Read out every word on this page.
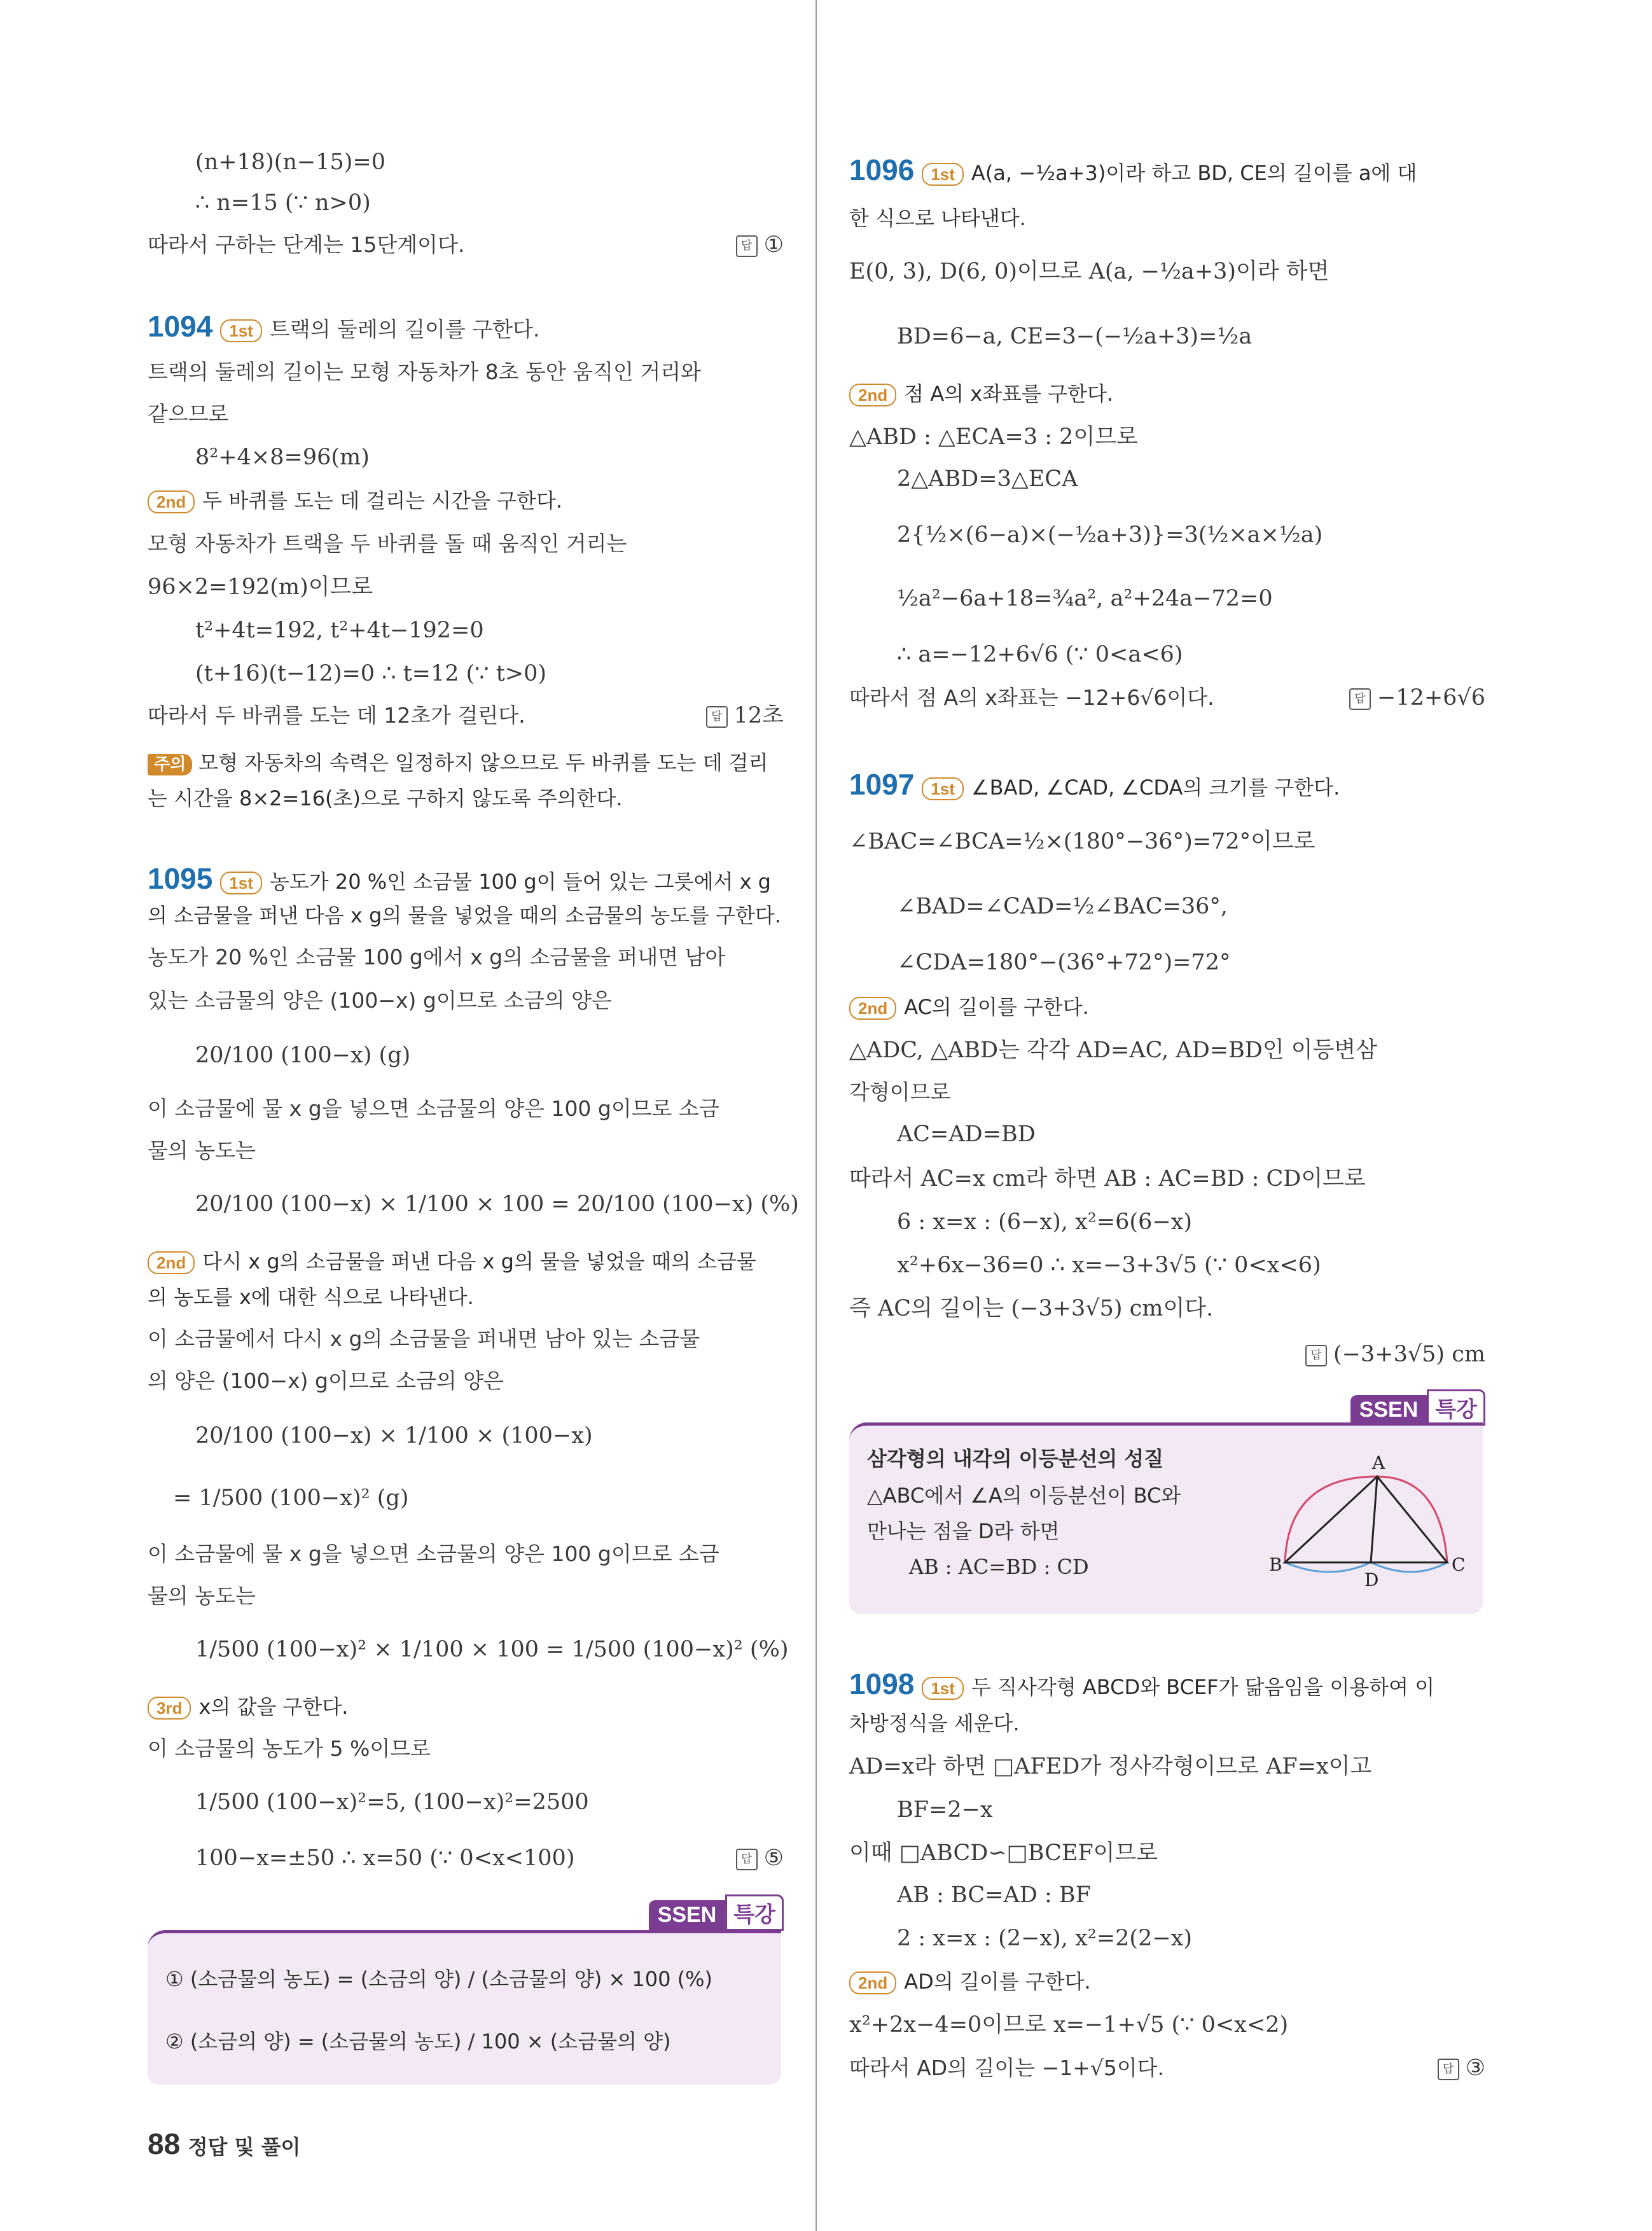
(n+18)(n−15)=0
∴ n=15 (∵ n>0)
따라서 구하는 단계는 15단계이다.	답 ①
1094 1st 트랙의 둘레의 길이를 구한다.
트랙의 둘레의 길이는 모형 자동차가 8초 동안 움직인 거리와
같으므로
8²+4×8=96(m)
2nd 두 바퀴를 도는 데 걸리는 시간을 구한다.
모형 자동차가 트랙을 두 바퀴를 돌 때 움직인 거리는
96×2=192(m)이므로
t²+4t=192, t²+4t−192=0
(t+16)(t−12)=0 ∴ t=12 (∵ t>0)
따라서 두 바퀴를 도는 데 12초가 걸린다.	답 12초
주의 모형 자동차의 속력은 일정하지 않으므로 두 바퀴를 도는 데 걸리
는 시간을 8×2=16(초)으로 구하지 않도록 주의한다.
1095 1st 농도가 20 %인 소금물 100 g이 들어 있는 그릇에서 x g
의 소금물을 퍼낸 다음 x g의 물을 넣었을 때의 소금물의 농도를 구한다.
농도가 20 %인 소금물 100 g에서 x g의 소금물을 퍼내면 남아
있는 소금물의 양은 (100−x) g이므로 소금의 양은
20/100 (100−x) (g)
이 소금물에 물 x g을 넣으면 소금물의 양은 100 g이므로 소금
물의 농도는
20/100 (100−x) × 1/100 × 100 = 20/100 (100−x) (%)
2nd 다시 x g의 소금물을 퍼낸 다음 x g의 물을 넣었을 때의 소금물
의 농도를 x에 대한 식으로 나타낸다.
이 소금물에서 다시 x g의 소금물을 퍼내면 남아 있는 소금물
의 양은 (100−x) g이므로 소금의 양은
20/100 (100−x) × 1/100 × (100−x)
= 1/500 (100−x)² (g)
이 소금물에 물 x g을 넣으면 소금물의 양은 100 g이므로 소금
물의 농도는
1/500 (100−x)² × 1/100 × 100 = 1/500 (100−x)² (%)
3rd x의 값을 구한다.
이 소금물의 농도가 5 %이므로
1/500 (100−x)²=5, (100−x)²=2500
100−x=±50 ∴ x=50 (∵ 0<x<100)	답 ⑤
SSEN 특강
① (소금물의 농도) = (소금의 양) / (소금물의 양) × 100 (%)
② (소금의 양) = (소금물의 농도) / 100 × (소금물의 양)
1096 1st A(a, −½a+3)이라 하고 BD, CE의 길이를 a에 대
한 식으로 나타낸다.
E(0, 3), D(6, 0)이므로 A(a, −½a+3)이라 하면
BD=6−a, CE=3−(−½a+3)=½a
2nd 점 A의 x좌표를 구한다.
△ABD : △ECA=3 : 2이므로
2△ABD=3△ECA
2{½×(6−a)×(−½a+3)}=3(½×a×½a)
½a²−6a+18=¾a², a²+24a−72=0
∴ a=−12+6√6 (∵ 0<a<6)
따라서 점 A의 x좌표는 −12+6√6이다.	답 −12+6√6
1097 1st ∠BAD, ∠CAD, ∠CDA의 크기를 구한다.
∠BAC=∠BCA=½×(180°−36°)=72°이므로
∠BAD=∠CAD=½∠BAC=36°,
∠CDA=180°−(36°+72°)=72°
2nd AC의 길이를 구한다.
△ADC, △ABD는 각각 AD=AC, AD=BD인 이등변삼
각형이므로
AC=AD=BD
따라서 AC=x cm라 하면 AB : AC=BD : CD이므로
6 : x=x : (6−x), x²=6(6−x)
x²+6x−36=0 ∴ x=−3+3√5 (∵ 0<x<6)
즉 AC의 길이는 (−3+3√5) cm이다.
답 (−3+3√5) cm
SSEN 특강
삼각형의 내각의 이등분선의 성질
△ABC에서 ∠A의 이등분선이 BC와
만나는 점을 D라 하면
AB : AC=BD : CD
A
B	C
D
1098 1st 두 직사각형 ABCD와 BCEF가 닮음임을 이용하여 이
차방정식을 세운다.
AD=x라 하면 □AFED가 정사각형이므로 AF=x이고
BF=2−x
이때 □ABCD∽□BCEF이므로
AB : BC=AD : BF
2 : x=x : (2−x), x²=2(2−x)
2nd AD의 길이를 구한다.
x²+2x−4=0이므로 x=−1+√5 (∵ 0<x<2)
따라서 AD의 길이는 −1+√5이다.	답 ③
88 정답 및 풀이
